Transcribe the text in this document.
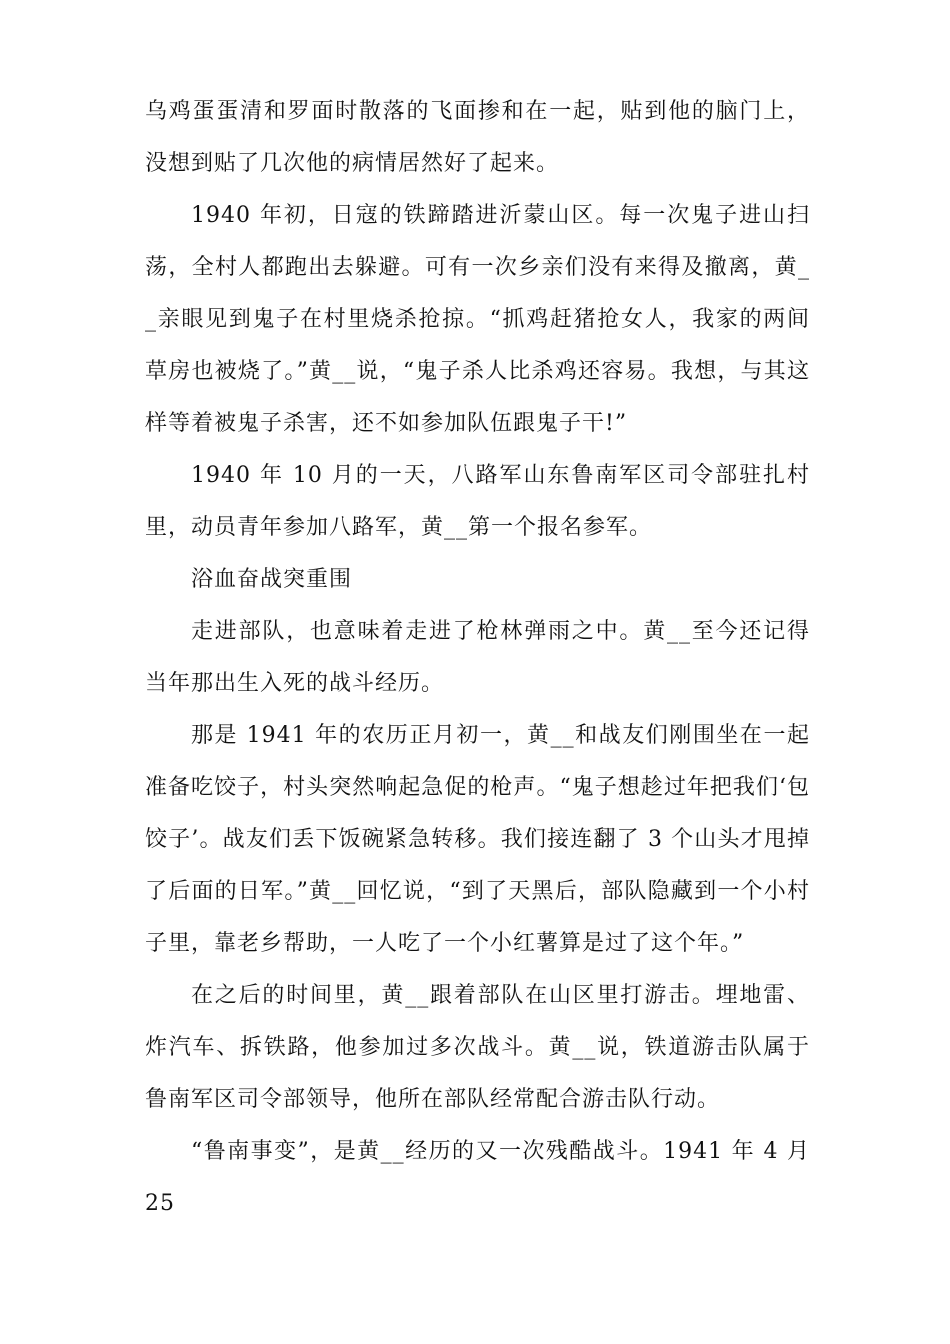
乌鸡蛋蛋清和罗面时散落的飞面掺和在一起，贴到他的脑门上，没想到贴了几次他的病情居然好了起来。

1940 年初，日寇的铁蹄踏进沂蒙山区。每一次鬼子进山扫荡，全村人都跑出去躲避。可有一次乡亲们没有来得及撤离，黄__亲眼见到鬼子在村里烧杀抢掠。“抓鸡赶猪抢女人，我家的两间草房也被烧了。”黄__说，“鬼子杀人比杀鸡还容易。我想，与其这样等着被鬼子杀害，还不如参加队伍跟鬼子干!”

1940 年 10 月的一天，八路军山东鲁南军区司令部驻扎村里，动员青年参加八路军，黄__第一个报名参军。

浴血奋战突重围

走进部队，也意味着走进了枪林弹雨之中。黄__至今还记得当年那出生入死的战斗经历。

那是 1941 年的农历正月初一，黄__和战友们刚围坐在一起准备吃饺子，村头突然响起急促的枪声。“鬼子想趁过年把我们‘包饺子’。战友们丢下饭碗紧急转移。我们接连翻了 3 个山头才甩掉了后面的日军。”黄__回忆说，“到了天黑后，部队隐藏到一个小村子里，靠老乡帮助，一人吃了一个小红薯算是过了这个年。”

在之后的时间里，黄__跟着部队在山区里打游击。埋地雷、炸汽车、拆铁路，他参加过多次战斗。黄__说，铁道游击队属于鲁南军区司令部领导，他所在部队经常配合游击队行动。

“鲁南事变”，是黄__经历的又一次残酷战斗。1941 年 4 月 25
